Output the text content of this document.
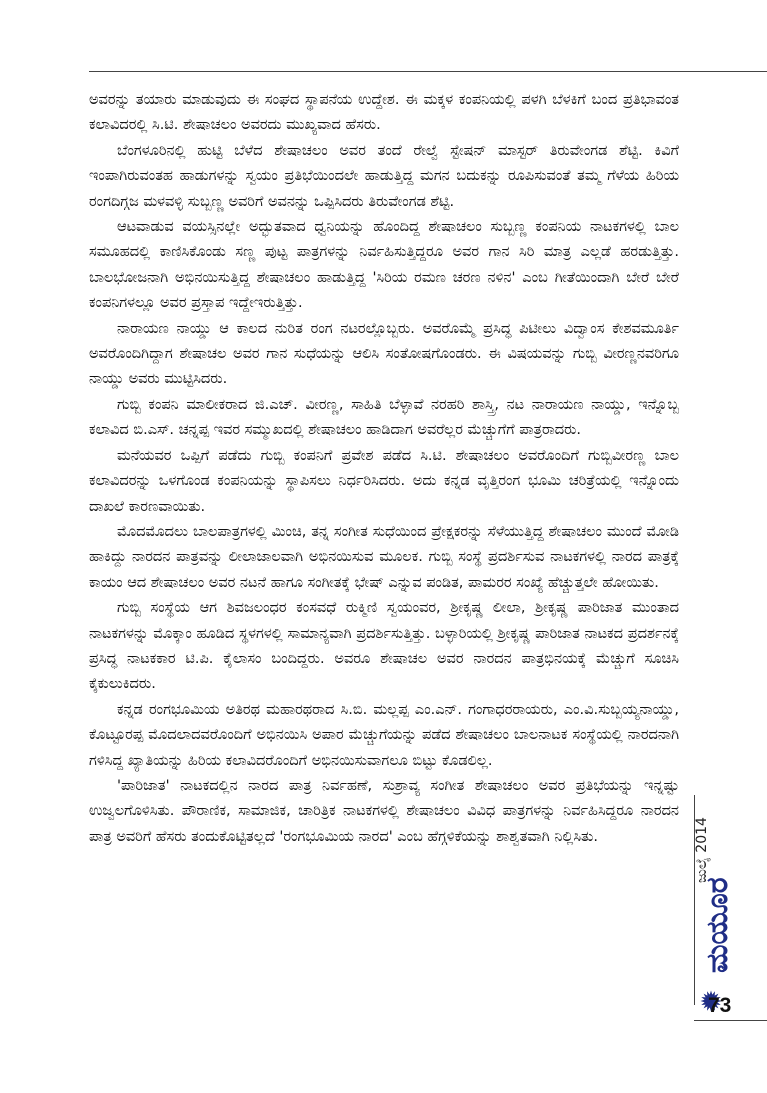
ಅವರನ್ನು ತಯಾರು ಮಾಡುವುದು ಈ ಸಂಘದ ಸ್ಥಾಪನೆಯ ಉದ್ದೇಶ. ಈ ಮಕ್ಕಳ ಕಂಪನಿಯಲ್ಲಿ ಪಳಗಿ ಬೆಳಕಿಗೆ ಬಂದ ಪ್ರತಿಭಾವಂತ ಕಲಾವಿದರಲ್ಲಿ ಸಿ.ಟಿ. ಶೇಷಾಚಲಂ ಅವರದು ಮುಖ್ಯವಾದ ಹೆಸರು.

ಬೆಂಗಳೂರಿನಲ್ಲಿ ಹುಟ್ಟಿ ಬೆಳೆದ ಶೇಷಾಚಲಂ ಅವರ ತಂದೆ ರೇಲ್ವೆ ಸ್ಟೇಷನ್ ಮಾಸ್ಟರ್ ತಿರುವೇಂಗಡ ಶೆಟ್ಟಿ. ಕಿವಿಗೆ ಇಂಪಾಗಿರುವಂತಹ ಹಾಡುಗಳನ್ನು ಸ್ವಯಂ ಪ್ರತಿಭೆಯಿಂದಲೇ ಹಾಡುತ್ತಿದ್ದ ಮಗನ ಬದುಕನ್ನು ರೂಪಿಸುವಂತೆ ತಮ್ಮ ಗೆಳೆಯ ಹಿರಿಯ ರಂಗದಿಗ್ಗಜ ಮಳವಳ್ಳಿ ಸುಬ್ಬಣ್ಣ ಅವರಿಗೆ ಅವನನ್ನು ಒಪ್ಪಿಸಿದರು ತಿರುವೇಂಗಡ ಶೆಟ್ಟಿ.

ಆಟವಾಡುವ ವಯಸ್ಸಿನಲ್ಲೇ ಅದ್ಭುತವಾದ ಧ್ವನಿಯನ್ನು ಹೊಂದಿದ್ದ ಶೇಷಾಚಲಂ ಸುಬ್ಬಣ್ಣ ಕಂಪನಿಯ ನಾಟಕಗಳಲ್ಲಿ ಬಾಲ ಸಮೂಹದಲ್ಲಿ ಕಾಣಿಸಿಕೊಂಡು ಸಣ್ಣ ಪುಟ್ಟ ಪಾತ್ರಗಳನ್ನು ನಿರ್ವಹಿಸುತ್ತಿದ್ದರೂ ಅವರ ಗಾನ ಸಿರಿ ಮಾತ್ರ ಎಲ್ಲಡೆ ಹರಡುತ್ತಿತ್ತು. ಬಾಲಭೋಜನಾಗಿ ಅಭಿನಯಿಸುತ್ತಿದ್ದ ಶೇಷಾಚಲಂ ಹಾಡುತ್ತಿದ್ದ 'ಸಿರಿಯ ರಮಣ ಚರಣ ನಳಿನ' ಎಂಬ ಗೀತೆಯಿಂದಾಗಿ ಬೇರೆ ಬೇರೆ ಕಂಪನಿಗಳಲ್ಲೂ ಅವರ ಪ್ರಸ್ತಾಪ ಇದ್ದೇಇರುತ್ತಿತ್ತು.

ನಾರಾಯಣ ನಾಯ್ಡು ಆ ಕಾಲದ ನುರಿತ ರಂಗ ನಟರಲ್ಲೊಬ್ಬರು. ಅವರೊಮ್ಮೆ ಪ್ರಸಿದ್ಧ ಪಿಟೀಲು ವಿದ್ವಾಂಸ ಕೇಶವಮೂರ್ತಿ ಅವರೊಂದಿಗಿದ್ದಾಗ ಶೇಷಾಚಲ ಅವರ ಗಾನ ಸುಧೆಯನ್ನು ಆಲಿಸಿ ಸಂತೋಷಗೊಂಡರು. ಈ ವಿಷಯವನ್ನು ಗುಬ್ಬಿ ವೀರಣ್ಣನವರಿಗೂ ನಾಯ್ಡು ಅವರು ಮುಟ್ಟಿಸಿದರು.

ಗುಬ್ಬಿ ಕಂಪನಿ ಮಾಲೀಕರಾದ ಜಿ.ಎಚ್. ವೀರಣ್ಣ, ಸಾಹಿತಿ ಬೆಳ್ಳಾವೆ ನರಹರಿ ಶಾಸ್ತ್ರಿ, ನಟ ನಾರಾಯಣ ನಾಯ್ಡು, ಇನ್ನೊಬ್ಬ ಕಲಾವಿದ ಬಿ.ಎಸ್. ಚನ್ನಪ್ಪ ಇವರ ಸಮ್ಮುಖದಲ್ಲಿ ಶೇಷಾಚಲಂ ಹಾಡಿದಾಗ ಅವರೆಲ್ಲರ ಮೆಚ್ಚುಗೆಗೆ ಪಾತ್ರರಾದರು.

ಮನೆಯವರ ಒಪ್ಪಿಗೆ ಪಡೆದು ಗುಬ್ಬಿ ಕಂಪನಿಗೆ ಪ್ರವೇಶ ಪಡೆದ ಸಿ.ಟಿ. ಶೇಷಾಚಲಂ ಅವರೊಂದಿಗೆ ಗುಬ್ಬಿವೀರಣ್ಣ ಬಾಲ ಕಲಾವಿದರನ್ನು ಒಳಗೊಂಡ ಕಂಪನಿಯನ್ನು ಸ್ಥಾಪಿಸಲು ನಿರ್ಧರಿಸಿದರು. ಅದು ಕನ್ನಡ ವೃತ್ತಿರಂಗ ಭೂಮಿ ಚರಿತ್ರೆಯಲ್ಲಿ ಇನ್ನೊಂದು ದಾಖಲೆ ಕಾರಣವಾಯಿತು.

ಮೊದಮೊದಲು ಬಾಲಪಾತ್ರಗಳಲ್ಲಿ ಮಿಂಚಿ, ತನ್ನ ಸಂಗೀತ ಸುಧೆಯಿಂದ ಪ್ರೇಕ್ಷಕರನ್ನು ಸೆಳೆಯುತ್ತಿದ್ದ ಶೇಷಾಚಲಂ ಮುಂದೆ ಮೋಡಿ ಹಾಕಿದ್ದು ನಾರದನ ಪಾತ್ರವನ್ನು ಲೀಲಾಜಾಲವಾಗಿ ಅಭಿನಯಿಸುವ ಮೂಲಕ. ಗುಬ್ಬಿ ಸಂಸ್ಥೆ ಪ್ರದರ್ಶಿಸುವ ನಾಟಕಗಳಲ್ಲಿ ನಾರದ ಪಾತ್ರಕ್ಕೆ ಕಾಯಂ ಆದ ಶೇಷಾಚಲಂ ಅವರ ನಟನೆ ಹಾಗೂ ಸಂಗೀತಕ್ಕೆ ಭೇಷ್ ಎನ್ನುವ ಪಂಡಿತ, ಪಾಮರರ ಸಂಖ್ಯೆ ಹೆಚ್ಚುತ್ತಲೇ ಹೋಯಿತು.

ಗುಬ್ಬಿ ಸಂಸ್ಥೆಯ ಆಗ ಶಿವಜಲಂಧರ ಕಂಸವಧೆ ರುಕ್ಮಿಣಿ ಸ್ವಯಂವರ, ಶ್ರೀಕೃಷ್ಣ ಲೀಲಾ, ಶ್ರೀಕೃಷ್ಣ ಪಾರಿಜಾತ ಮುಂತಾದ ನಾಟಕಗಳನ್ನು ಮೊಕ್ಕಾಂ ಹೂಡಿದ ಸ್ಥಳಗಳಲ್ಲಿ ಸಾಮಾನ್ಯವಾಗಿ ಪ್ರದರ್ಶಿಸುತ್ತಿತ್ತು. ಬಳ್ಳಾರಿಯಲ್ಲಿ ಶ್ರೀಕೃಷ್ಣ ಪಾರಿಜಾತ ನಾಟಕದ ಪ್ರದರ್ಶನಕ್ಕೆ ಪ್ರಸಿದ್ಧ ನಾಟಕಕಾರ ಟಿ.ಪಿ. ಕೈಲಾಸಂ ಬಂದಿದ್ದರು. ಅವರೂ ಶೇಷಾಚಲ ಅವರ ನಾರದನ ಪಾತ್ರಭಿನಯಕ್ಕೆ ಮೆಚ್ಚುಗೆ ಸೂಚಿಸಿ ಕೈಕುಲುಕಿದರು.

ಕನ್ನಡ ರಂಗಭೂಮಿಯ ಅತಿರಥ ಮಹಾರಥರಾದ ಸಿ.ಬಿ. ಮಲ್ಲಪ್ಪ ಎಂ.ಎನ್. ಗಂಗಾಧರರಾಯರು, ಎಂ.ವಿ.ಸುಬ್ಬಯ್ಯನಾಯ್ಡು, ಕೊಟ್ಟೂರಪ್ಪ ಮೊದಲಾದವರೊಂದಿಗೆ ಅಭಿನಯಿಸಿ ಅಪಾರ ಮೆಚ್ಚುಗೆಯನ್ನು ಪಡೆದ ಶೇಷಾಚಲಂ ಬಾಲನಾಟಕ ಸಂಸ್ಥೆಯಲ್ಲಿ ನಾರದನಾಗಿ ಗಳಿಸಿದ್ದ ಖ್ಯಾತಿಯನ್ನು ಹಿರಿಯ ಕಲಾವಿದರೊಂದಿಗೆ ಅಭಿನಯಿಸುವಾಗಲೂ ಬಿಟ್ಟು ಕೊಡಲಿಲ್ಲ.

'ಪಾರಿಜಾತ' ನಾಟಕದಲ್ಲಿನ ನಾರದ ಪಾತ್ರ ನಿರ್ವಹಣೆ, ಸುಶ್ರಾವ್ಯ ಸಂಗೀತ ಶೇಷಾಚಲಂ ಅವರ ಪ್ರತಿಭೆಯನ್ನು ಇನ್ನಷ್ಟು ಉಜ್ವಲಗೊಳಿಸಿತು. ಪೌರಾಣಿಕ, ಸಾಮಾಜಿಕ, ಚಾರಿತ್ರಿಕ ನಾಟಕಗಳಲ್ಲಿ ಶೇಷಾಚಲಂ ವಿವಿಧ ಪಾತ್ರಗಳನ್ನು ನಿರ್ವಹಿಸಿದ್ದರೂ ನಾರದನ ಪಾತ್ರ ಅವರಿಗೆ ಹೆಸರು ತಂದುಕೊಟ್ಟಿತಲ್ಲದೆ 'ರಂಗಭೂಮಿಯ ನಾರದ' ಎಂಬ ಹೆಗ್ಗಳಿಕೆಯನ್ನು ಶಾಶ್ವತವಾಗಿ ನಿಲ್ಲಿಸಿತು.

ಮಯೂರ
ಜುಲೈ 2014
73
